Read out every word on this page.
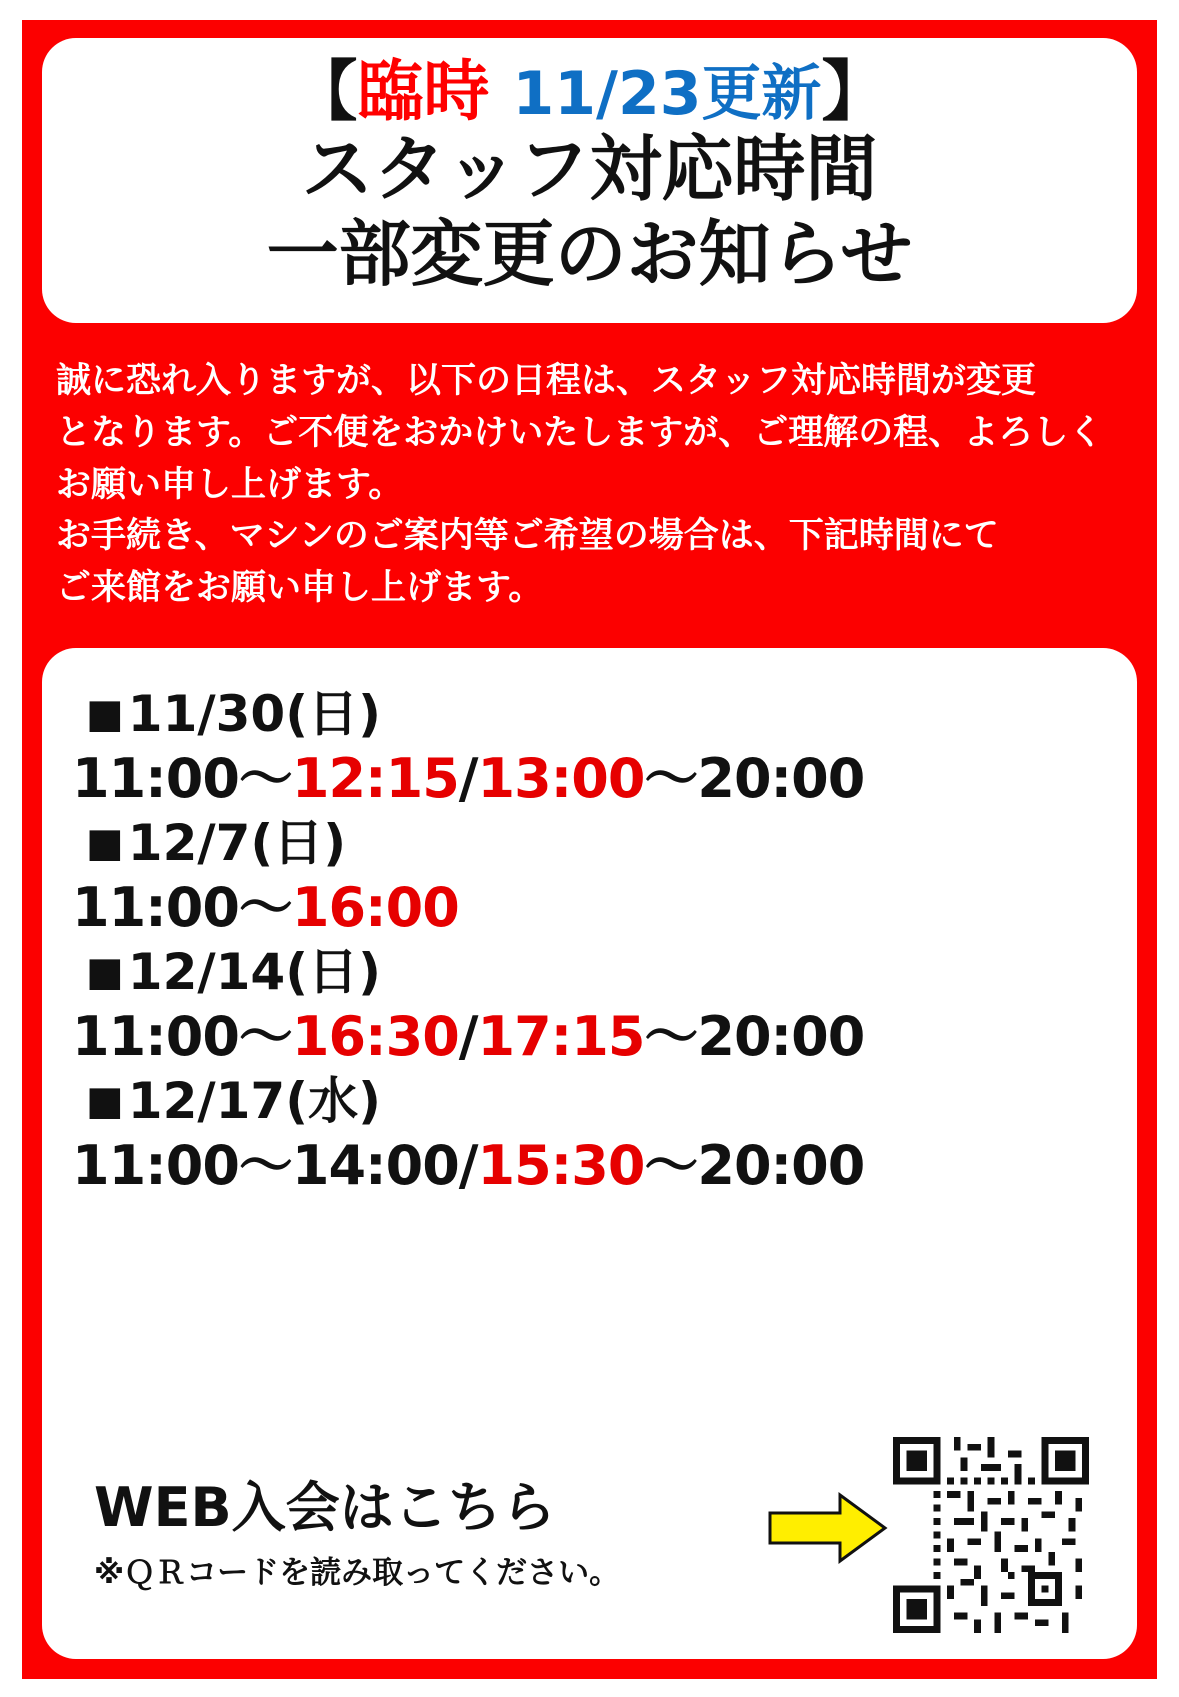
【臨時 11/23更新】
スタッフ対応時間
一部変更のお知らせ

誠に恐れ入りますが、以下の日程は、スタッフ対応時間が変更

となります。ご不便をおかけいたしますが、ご理解の程、よろしく

お願い申し上げます。

お手続き、マシンのご案内等ご希望の場合は、下記時間にて

ご来館をお願い申し上げます。

■11/30(日)
11:00〜12:15/13:00〜20:00
■12/7(日)
11:00〜16:00
■12/14(日)
11:00〜16:30/17:15〜20:00
■12/17(水)
11:00〜14:00/15:30〜20:00
WEB入会はこちら
※ＱＲコードを読み取ってください。
